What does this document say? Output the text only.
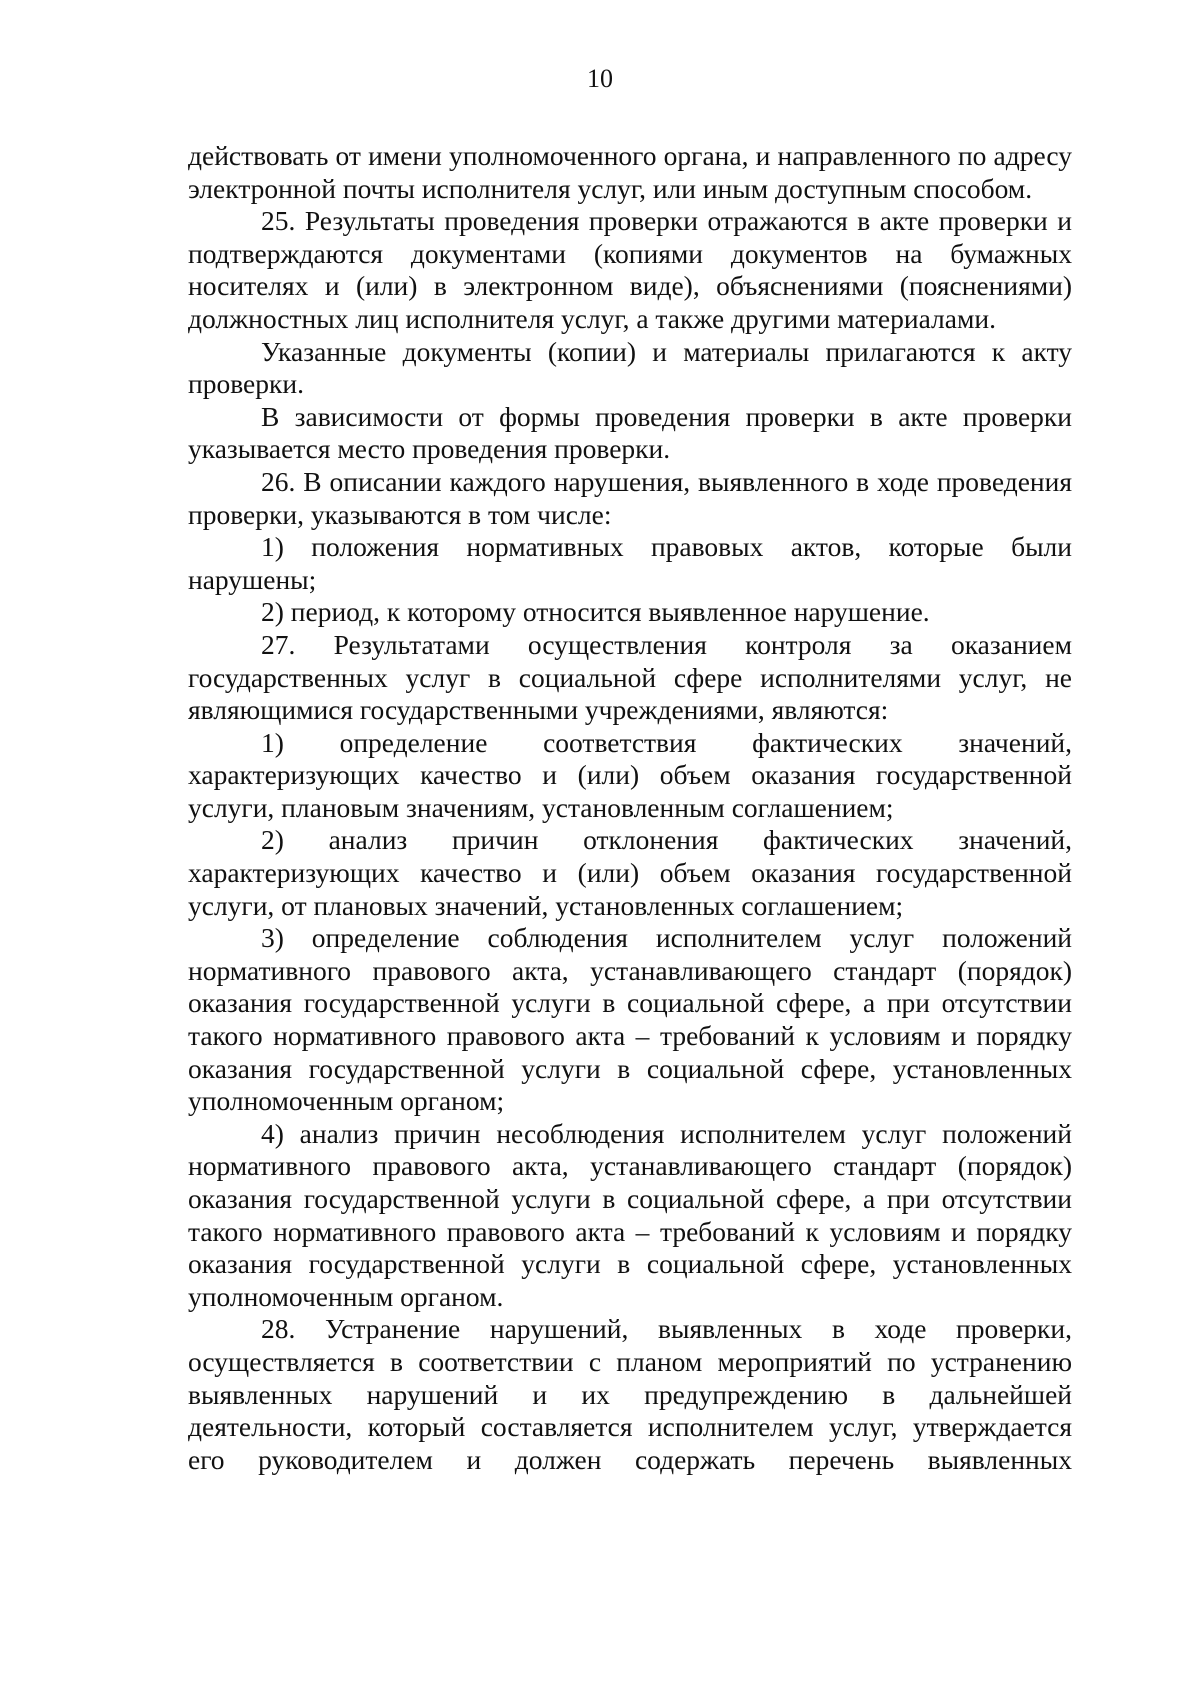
10

действовать от имени уполномоченного органа, и направленного по адресу электронной почты исполнителя услуг, или иным доступным способом.

25. Результаты проведения проверки отражаются в акте проверки и подтверждаются документами (копиями документов на бумажных носителях и (или) в электронном виде), объяснениями (пояснениями) должностных лиц исполнителя услуг, а также другими материалами.

Указанные документы (копии) и материалы прилагаются к акту проверки.

В зависимости от формы проведения проверки в акте проверки указывается место проведения проверки.

26. В описании каждого нарушения, выявленного в ходе проведения проверки, указываются в том числе:

1) положения нормативных правовых актов, которые были нарушены;

2) период, к которому относится выявленное нарушение.

27. Результатами осуществления контроля за оказанием государственных услуг в социальной сфере исполнителями услуг, не являющимися государственными учреждениями, являются:

1) определение соответствия фактических значений, характеризующих качество и (или) объем оказания государственной услуги, плановым значениям, установленным соглашением;

2) анализ причин отклонения фактических значений, характеризующих качество и (или) объем оказания государственной услуги, от плановых значений, установленных соглашением;

3) определение соблюдения исполнителем услуг положений нормативного правового акта, устанавливающего стандарт (порядок) оказания государственной услуги в социальной сфере, а при отсутствии такого нормативного правового акта – требований к условиям и порядку оказания государственной услуги в социальной сфере, установленных уполномоченным органом;

4) анализ причин несоблюдения исполнителем услуг положений нормативного правового акта, устанавливающего стандарт (порядок) оказания государственной услуги в социальной сфере, а при отсутствии такого нормативного правового акта – требований к условиям и порядку оказания государственной услуги в социальной сфере, установленных уполномоченным органом.

28. Устранение нарушений, выявленных в ходе проверки, осуществляется в соответствии с планом мероприятий по устранению выявленных нарушений и их предупреждению в дальнейшей деятельности, который составляется исполнителем услуг, утверждается его руководителем и должен содержать перечень выявленных
